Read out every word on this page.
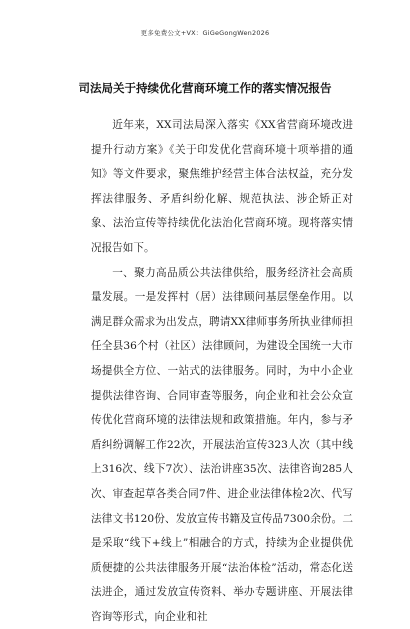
更多免费公文+VX：GiGeGongWen2026
司法局关于持续优化营商环境工作的落实情况报告

近年来，XX司法局深入落实《XX省营商环境改进提升行动方案》《关于印发优化营商环境十项举措的通知》等文件要求，聚焦维护经营主体合法权益，充分发挥法律服务、矛盾纠纷化解、规范执法、涉企矫正对象、法治宣传等持续优化法治化营商环境。现将落实情况报告如下。

一、聚力高品质公共法律供给，服务经济社会高质量发展。一是发挥村（居）法律顾问基层堡垒作用。以满足群众需求为出发点，聘请XX律师事务所执业律师担任全县36个村（社区）法律顾问，为建设全国统一大市场提供全方位、一站式的法律服务。同时，为中小企业提供法律咨询、合同审查等服务，向企业和社会公众宣传优化营商环境的法律法规和政策措施。年内，参与矛盾纠纷调解工作22次，开展法治宣传323人次（其中线上316次、线下7次）、法治讲座35次、法律咨询285人次、审查起草各类合同7件、进企业法律体检2次、代写法律文书120份、发放宣传书籍及宣传品7300余份。二是采取“线下+线上”相融合的方式，持续为企业提供优质便捷的公共法律服务开展“法治体检”活动，常态化送法进企，通过发放宣传资料、举办专题讲座、开展法律咨询等形式，向企业和社
